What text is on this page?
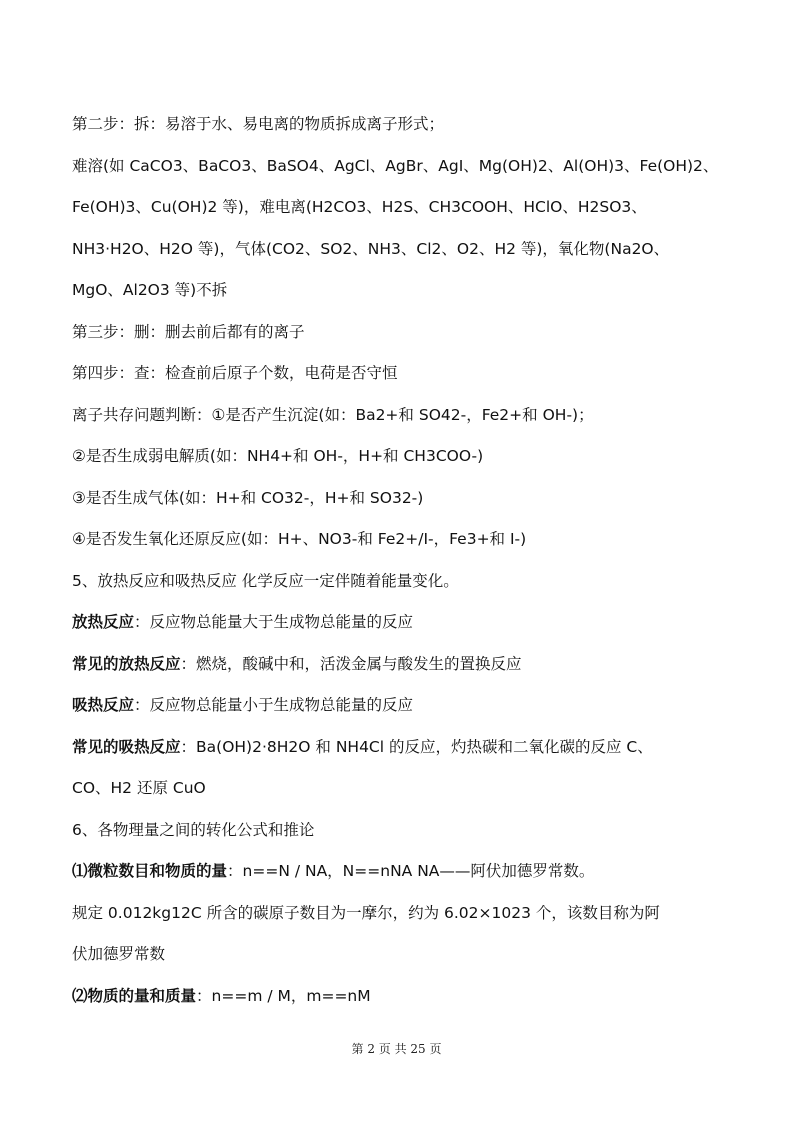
第二步：拆：易溶于水、易电离的物质拆成离子形式；
难溶(如 CaCO3、BaCO3、BaSO4、AgCl、AgBr、AgI、Mg(OH)2、Al(OH)3、Fe(OH)2、
Fe(OH)3、Cu(OH)2 等)，难电离(H2CO3、H2S、CH3COOH、HClO、H2SO3、
NH3·H2O、H2O 等)，气体(CO2、SO2、NH3、Cl2、O2、H2 等)，氧化物(Na2O、
MgO、Al2O3 等)不拆
第三步：删：删去前后都有的离子
第四步：查：检查前后原子个数，电荷是否守恒
离子共存问题判断：①是否产生沉淀(如：Ba2+和 SO42-，Fe2+和 OH-)；
②是否生成弱电解质(如：NH4+和 OH-，H+和 CH3COO-)
③是否生成气体(如：H+和 CO32-，H+和 SO32-)
④是否发生氧化还原反应(如：H+、NO3-和 Fe2+/I-，Fe3+和 I-)
5、放热反应和吸热反应 化学反应一定伴随着能量变化。
放热反应：反应物总能量大于生成物总能量的反应
常见的放热反应：燃烧，酸碱中和，活泼金属与酸发生的置换反应
吸热反应：反应物总能量小于生成物总能量的反应
常见的吸热反应：Ba(OH)2·8H2O 和 NH4Cl 的反应，灼热碳和二氧化碳的反应 C、
CO、H2 还原 CuO
6、各物理量之间的转化公式和推论
⑴微粒数目和物质的量：n==N / NA，N==nNA NA——阿伏加德罗常数。
规定 0.012kg12C 所含的碳原子数目为一摩尔，约为 6.02×1023 个，该数目称为阿
伏加德罗常数
⑵物质的量和质量：n==m / M，m==nM
第 2 页 共 25 页
